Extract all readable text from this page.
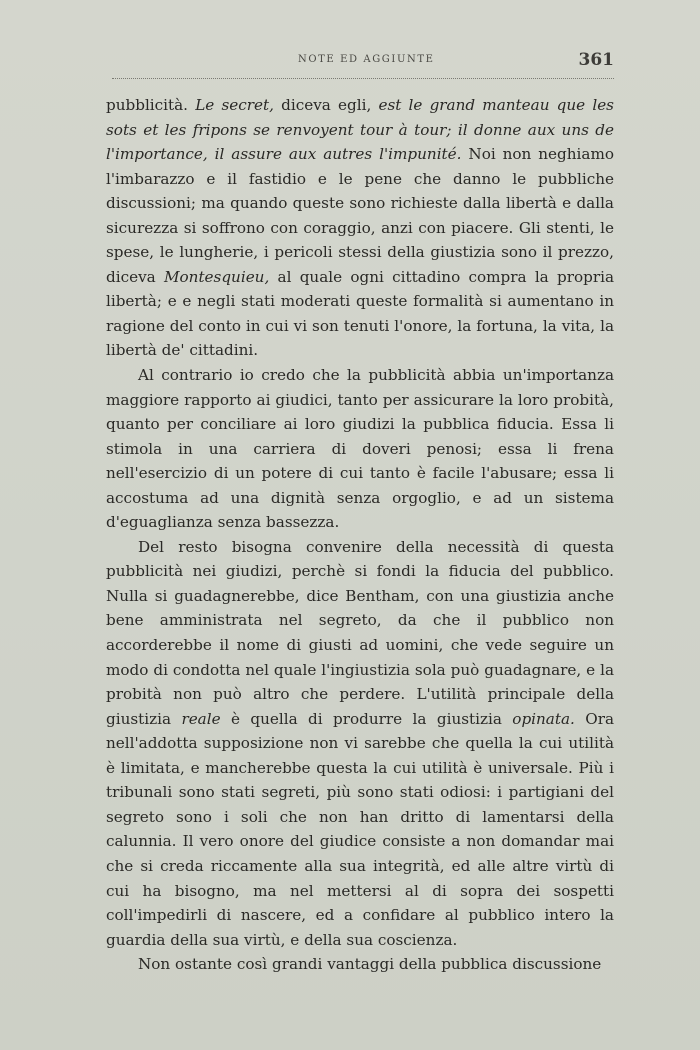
NOTE ED AGGIUNTE	361

pubblicità. Le secret, diceva egli, est le grand manteau que les sots et les fripons se renvoyent tour à tour; il donne aux uns de l'importance, il assure aux autres l'impunité. Noi non neghiamo l'imbarazzo e il fastidio e le pene che danno le pubbliche discussioni; ma quando queste sono richieste dalla libertà e dalla sicurezza si soffrono con coraggio, anzi con piacere. Gli stenti, le spese, le lungherie, i pericoli stessi della giustizia sono il prezzo, diceva Montesquieu, al quale ogni cittadino compra la propria libertà; e e negli stati moderati queste formalità si aumentano in ragione del conto in cui vi son tenuti l'onore, la fortuna, la vita, la libertà de' cittadini.

Al contrario io credo che la pubblicità abbia un'importanza maggiore rapporto ai giudici, tanto per assicurare la loro probità, quanto per conciliare ai loro giudizi la pubblica fiducia. Essa li stimola in una carriera di doveri penosi; essa li frena nell'esercizio di un potere di cui tanto è facile l'abusare; essa li accostuma ad una dignità senza orgoglio, e ad un sistema d'eguaglianza senza bassezza.

Del resto bisogna convenire della necessità di questa pubblicità nei giudizi, perchè si fondi la fiducia del pubblico. Nulla si guadagnerebbe, dice Bentham, con una giustizia anche bene amministrata nel segreto, da che il pubblico non accorderebbe il nome di giusti ad uomini, che vede seguire un modo di condotta nel quale l'ingiustizia sola può guadagnare, e la probità non può altro che perdere. L'utilità principale della giustizia reale è quella di produrre la giustizia opinata. Ora nell'addotta supposizione non vi sarebbe che quella la cui utilità è limitata, e mancherebbe questa la cui utilità è universale. Più i tribunali sono stati segreti, più sono stati odiosi: i partigiani del segreto sono i soli che non han dritto di lamentarsi della calunnia. Il vero onore del giudice consiste a non domandar mai che si creda riccamente alla sua integrità, ed alle altre virtù di cui ha bisogno, ma nel mettersi al di sopra dei sospetti coll'impedirli di nascere, ed a confidare al pubblico intero la guardia della sua virtù, e della sua coscienza.

Non ostante così grandi vantaggi della pubblica discussione
